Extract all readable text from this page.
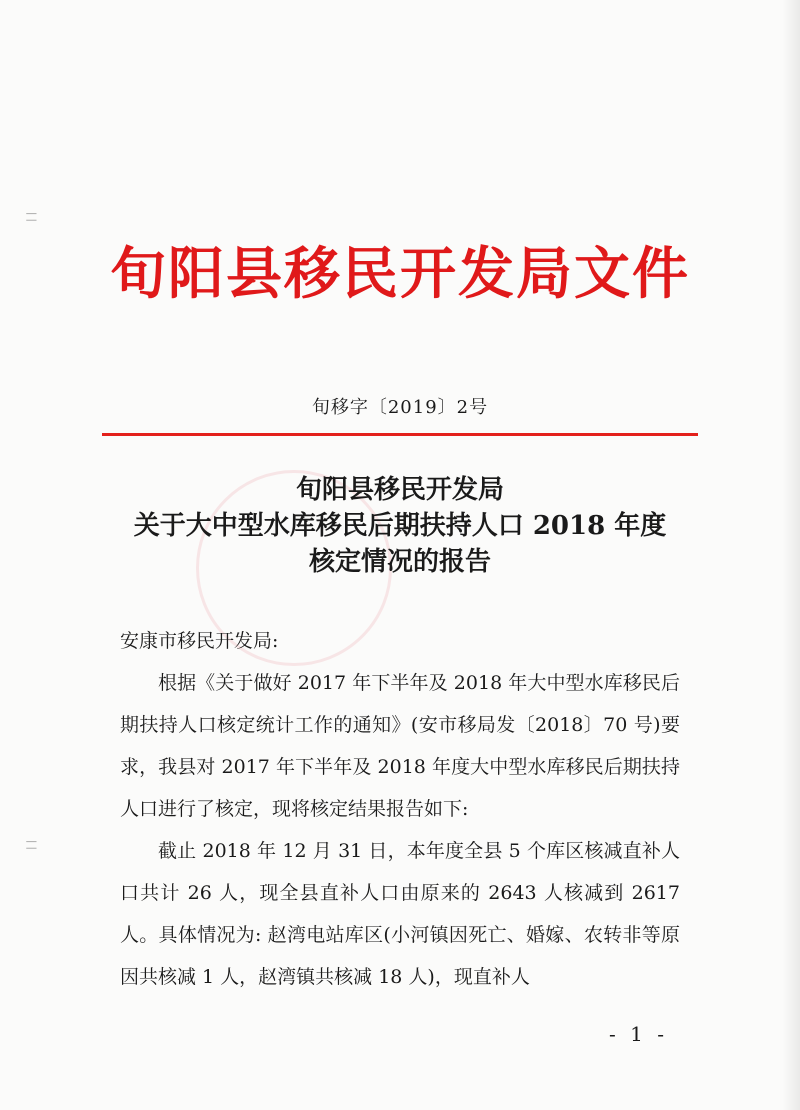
| |
| |
旬阳县移民开发局文件
旬移字〔2019〕2号
旬阳县移民开发局
关于大中型水库移民后期扶持人口 2018 年度
核定情况的报告

安康市移民开发局:

根据《关于做好 2017 年下半年及 2018 年大中型水库移民后期扶持人口核定统计工作的通知》(安市移局发〔2018〕70 号)要求，我县对 2017 年下半年及 2018 年度大中型水库移民后期扶持人口进行了核定，现将核定结果报告如下:

截止 2018 年 12 月 31 日，本年度全县 5 个库区核减直补人口共计 26 人，现全县直补人口由原来的 2643 人核减到 2617 人。具体情况为: 赵湾电站库区(小河镇因死亡、婚嫁、农转非等原因共核减 1 人，赵湾镇共核减 18 人)，现直补人

- 1 -
